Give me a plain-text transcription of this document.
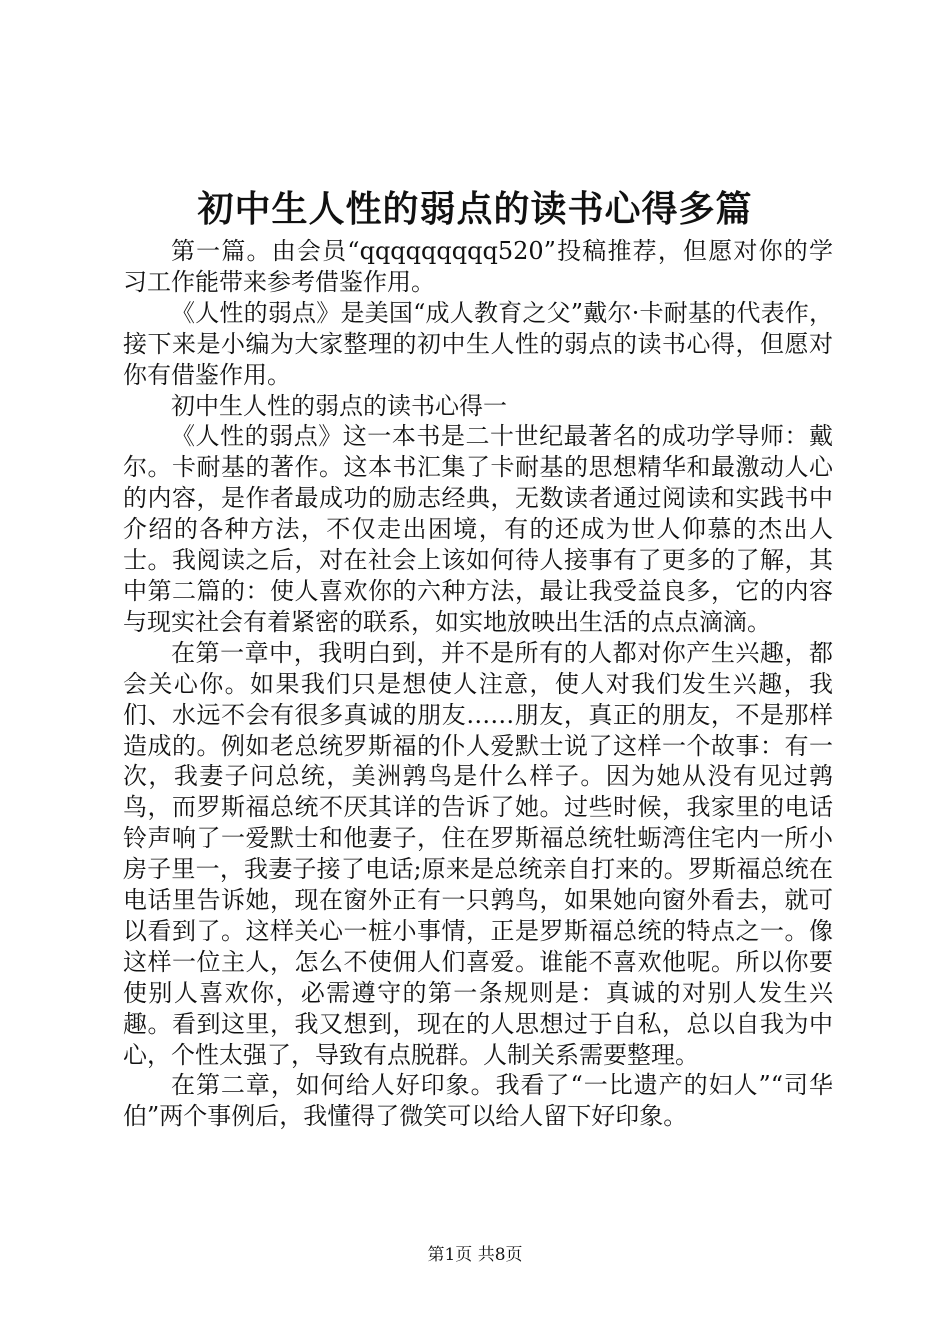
初中生人性的弱点的读书心得多篇

第一篇。由会员“qqqqqqqqq520”投稿推荐，但愿对你的学习工作能带来参考借鉴作用。

《人性的弱点》是美国“成人教育之父”戴尔·卡耐基的代表作，接下来是小编为大家整理的初中生人性的弱点的读书心得，但愿对你有借鉴作用。

初中生人性的弱点的读书心得一

《人性的弱点》这一本书是二十世纪最著名的成功学导师：戴尔。卡耐基的著作。这本书汇集了卡耐基的思想精华和最激动人心的内容，是作者最成功的励志经典，无数读者通过阅读和实践书中介绍的各种方法，不仅走出困境，有的还成为世人仰慕的杰出人士。我阅读之后，对在社会上该如何待人接事有了更多的了解，其中第二篇的：使人喜欢你的六种方法，最让我受益良多，它的内容与现实社会有着紧密的联系，如实地放映出生活的点点滴滴。

在第一章中，我明白到，并不是所有的人都对你产生兴趣，都会关心你。如果我们只是想使人注意，使人对我们发生兴趣，我们、水远不会有很多真诚的朋友……朋友，真正的朋友，不是那样造成的。例如老总统罗斯福的仆人爱默士说了这样一个故事：有一次，我妻子问总统，美洲鹑鸟是什么样子。因为她从没有见过鹑鸟，而罗斯福总统不厌其详的告诉了她。过些时候，我家里的电话铃声响了一爱默士和他妻子，住在罗斯福总统牡蛎湾住宅内一所小房子里一，我妻子接了电话;原来是总统亲自打来的。罗斯福总统在电话里告诉她，现在窗外正有一只鹑鸟，如果她向窗外看去，就可以看到了。这样关心一桩小事情，正是罗斯福总统的特点之一。像这样一位主人，怎么不使佣人们喜爱。谁能不喜欢他呢。所以你要使别人喜欢你，必需遵守的第一条规则是：真诚的对别人发生兴趣。看到这里，我又想到，现在的人思想过于自私，总以自我为中心，个性太强了，导致有点脱群。人制关系需要整理。

在第二章，如何给人好印象。我看了“一比遗产的妇人”“司华伯”两个事例后，我懂得了微笑可以给人留下好印象。

第1页 共8页
